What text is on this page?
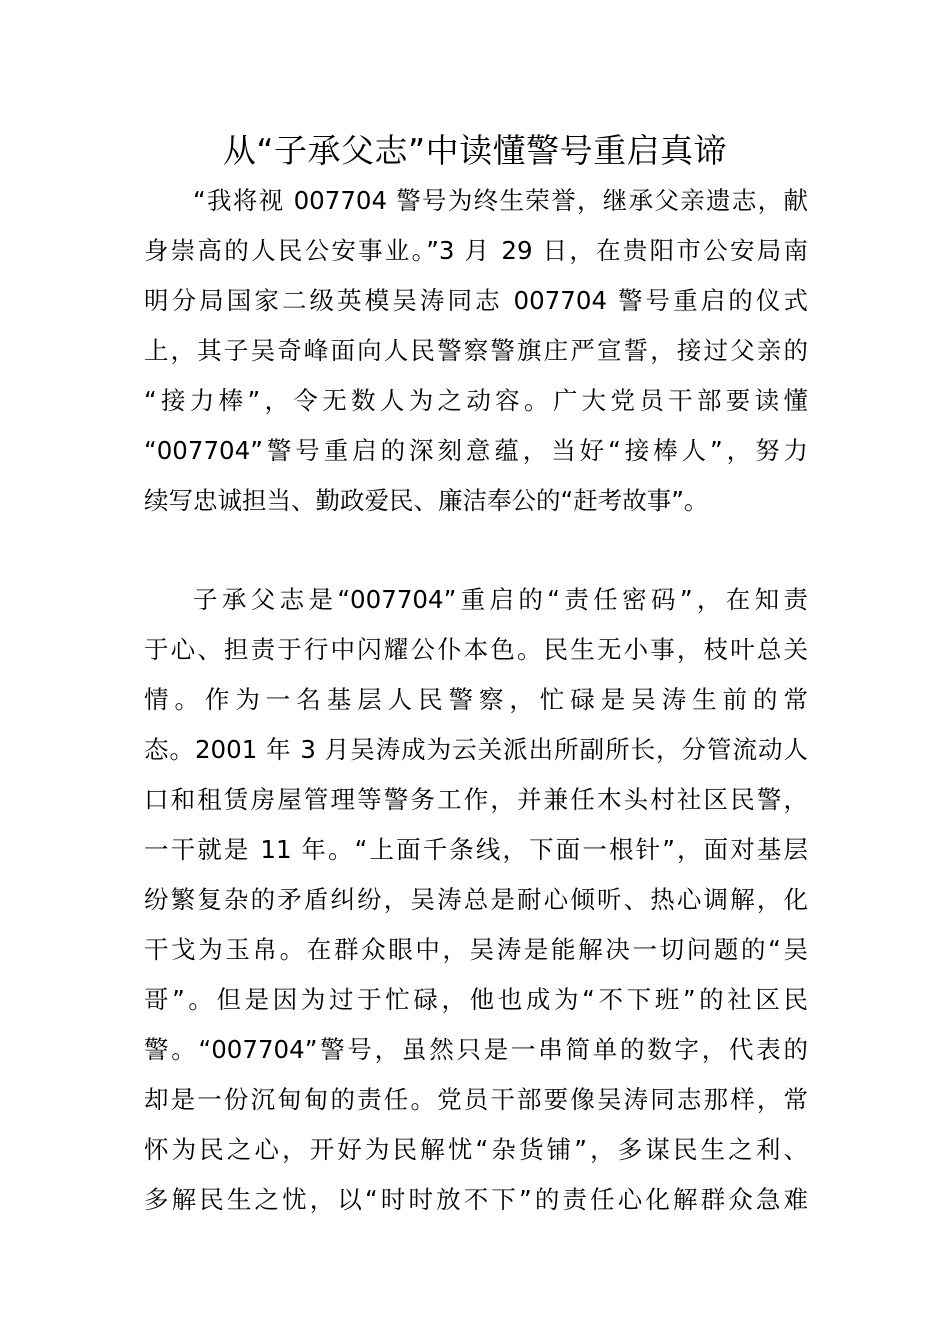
从“子承父志”中读懂警号重启真谛
“我将视 007704 警号为终生荣誉，继承父亲遗志，献
身崇高的人民公安事业。”3 月 29 日，在贵阳市公安局南
明分局国家二级英模吴涛同志 007704 警号重启的仪式
上，其子吴奇峰面向人民警察警旗庄严宣誓，接过父亲的
“接力棒”，令无数人为之动容。广大党员干部要读懂
“007704”警号重启的深刻意蕴，当好“接棒人”，努力
续写忠诚担当、勤政爱民、廉洁奉公的“赶考故事”。
子承父志是“007704”重启的“责任密码”，在知责
于心、担责于行中闪耀公仆本色。民生无小事，枝叶总关
情。作为一名基层人民警察，忙碌是吴涛生前的常
态。2001 年 3 月吴涛成为云关派出所副所长，分管流动人
口和租赁房屋管理等警务工作，并兼任木头村社区民警，
一干就是 11 年。“上面千条线，下面一根针”，面对基层
纷繁复杂的矛盾纠纷，吴涛总是耐心倾听、热心调解，化
干戈为玉帛。在群众眼中，吴涛是能解决一切问题的“吴
哥”。但是因为过于忙碌，他也成为“不下班”的社区民
警。“007704”警号，虽然只是一串简单的数字，代表的
却是一份沉甸甸的责任。党员干部要像吴涛同志那样，常
怀为民之心，开好为民解忧“杂货铺”，多谋民生之利、
多解民生之忧，以“时时放不下”的责任心化解群众急难
